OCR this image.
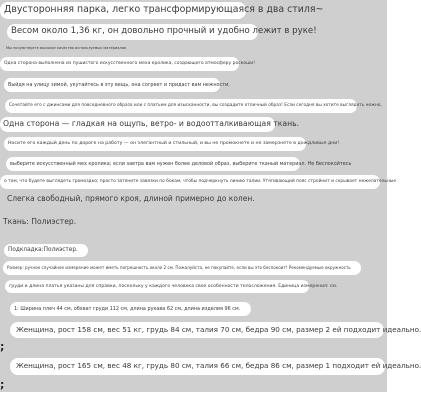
Двусторонняя парка, легко трансформирующаяся в два стиля~
Весом около 1,36 кг, он довольно прочный и удобно лежит в руке!
Мы почувствуете высокое качество используемых материалов
Одна сторона выполнена из пушистого искусственного меха кролика, создающего атмосферу роскоши!
Выйдя на улицу зимой, укутайтесь в эту вещь, она согреет и придаст вам нежности.
Сочетайте его с джинсами для повседневного образа или с платьем для изысканности, вы создадите отличный образ! Если сегодня вы хотите выглядеть нежно,
Одна сторона — гладкая на ощупь, ветро- и водоотталкивающая ткань.
Носите его каждый день по дороге на работу — он элегантный и стильный, и вы не промокнете и не замерзнете в дождливые дни!
выберите искусственный мех кролика; если завтра вам нужен более деловой образ, выберите тканый материал. Не беспокойтесь
о том, что будете выглядеть громоздко; просто затяните завязки по бокам, чтобы подчеркнуть линию талии. Утягивающий пояс стройнит и скрывает нежелательные
Слегка свободный, прямого кроя, длиной примерно до колен.
Ткань: Полиэстер.
Подкладка:Полиэстер.
Размер: ручное случайное измерение может иметь погрешность около 2 см. Пожалуйста, не покупайте, если вы это беспокоит! Рекомендуемые окружность
груди и длина платья указаны для справки, поскольку у каждого человека свое особенности телосложения. Единица измерения: см.
1: Ширина плеч 44 см, обхват груди 112 см, длина рукава 62 см, длина изделия 96 см.
Женщина, рост 158 см, вес 51 кг, грудь 84 см, талия 70 см, бедра 90 см, размер 2 ей подходит идеально.
;
Женщина, рост 165 см, вес 48 кг, грудь 80 см, талия 66 см, бедра 86 см, размер 1 подходит ей идеально.
;
